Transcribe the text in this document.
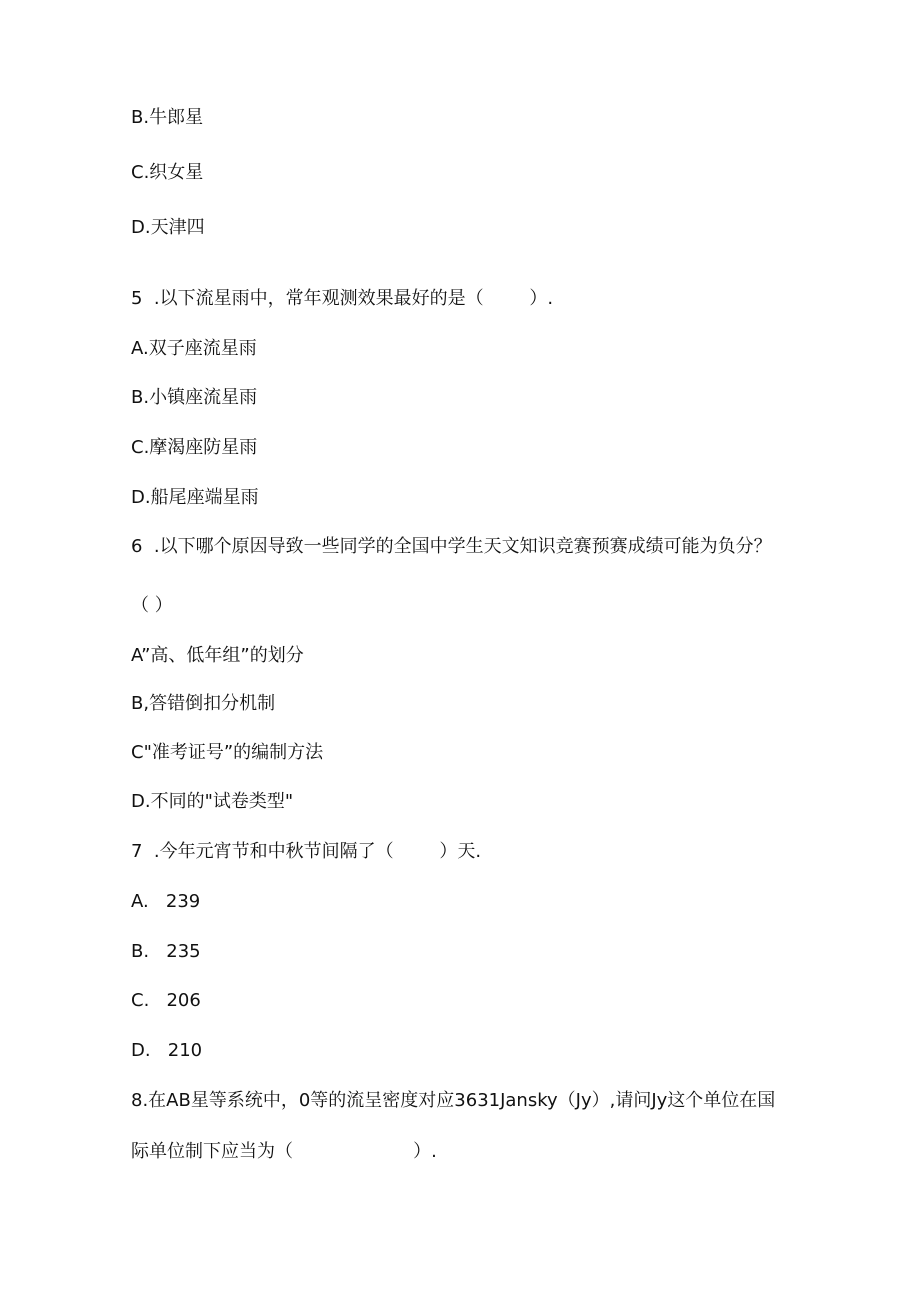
B.牛郎星

C.织女星

D.天津四

5  .以下流星雨中，常年观测效果最好的是（        ）.

A.双子座流星雨

B.小镇座流星雨

C.摩渴座防星雨

D.船尾座端星雨

6  .以下哪个原因导致一些同学的全国中学生天文知识竞赛预赛成绩可能为负分？

（ ）

A”高、低年组”的划分

B,答错倒扣分机制

C"准考证号”的编制方法

D.不同的"试卷类型"

7  .今年元宵节和中秋节间隔了（        ）天.

A.   239

B.   235

C.   206

D.   210

8.在AB星等系统中，0等的流呈密度对应3631Jansky（Jy）,请问Jy这个单位在国

际单位制下应当为（                     ）.
